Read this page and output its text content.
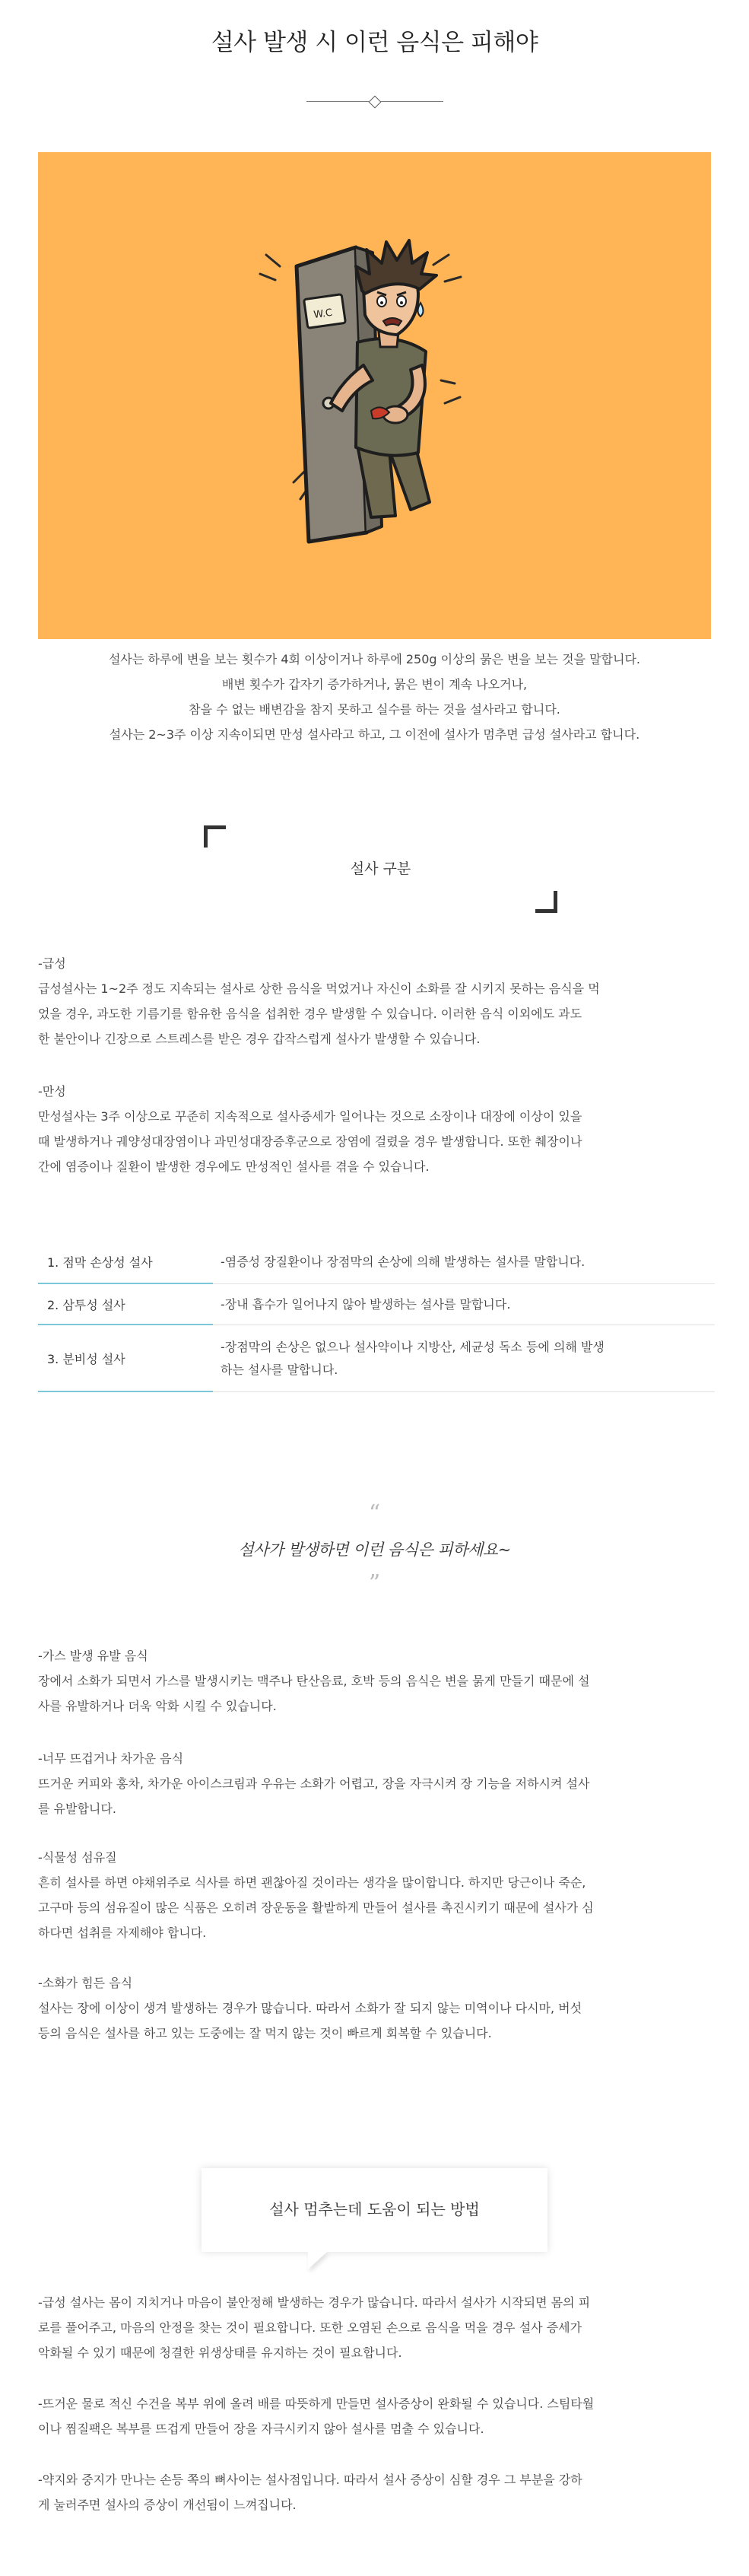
설사 발생 시 이런 음식은 피해야
W.C

설사는 하루에 변을 보는 횟수가 4회 이상이거나 하루에 250g 이상의 묽은 변을 보는 것을 말합니다.

배변 횟수가 갑자기 증가하거나, 묽은 변이 계속 나오거나,

참을 수 없는 배변감을 참지 못하고 실수를 하는 것을 설사라고 합니다.

설사는 2~3주 이상 지속이되면 만성 설사라고 하고, 그 이전에 설사가 멈추면 급성 설사라고 합니다.

설사 구분

-급성

급성설사는 1~2주 정도 지속되는 설사로 상한 음식을 먹었거나 자신이 소화를 잘 시키지 못하는 음식을 먹

었을 경우, 과도한 기름기를 함유한 음식을 섭취한 경우 발생할 수 있습니다. 이러한 음식 이외에도 과도

한 불안이나 긴장으로 스트레스를 받은 경우 갑작스럽게 설사가 발생할 수 있습니다.

-만성

만성설사는 3주 이상으로 꾸준히 지속적으로 설사증세가 일어나는 것으로 소장이나 대장에 이상이 있을

때 발생하거나 궤양성대장염이나 과민성대장증후군으로 장염에 걸렸을 경우 발생합니다. 또한 췌장이나

간에 염증이나 질환이 발생한 경우에도 만성적인 설사를 겪을 수 있습니다.

1. 점막 손상성 설사	-염증성 장질환이나 장점막의 손상에 의해 발생하는 설사를 말합니다.
2. 삼투성 설사	-장내 흡수가 일어나지 않아 발생하는 설사를 말합니다.
3. 분비성 설사
-장점막의 손상은 없으나 설사약이나 지방산, 세균성 독소 등에 의해 발생
하는 설사를 말합니다.
“
설사가 발생하면 이런 음식은 피하세요~
”

-가스 발생 유발 음식

장에서 소화가 되면서 가스를 발생시키는 맥주나 탄산음료, 호박 등의 음식은 변을 묽게 만들기 때문에 설

사를 유발하거나 더욱 악화 시킬 수 있습니다.

-너무 뜨겁거나 차가운 음식

뜨거운 커피와 홍차, 차가운 아이스크림과 우유는 소화가 어렵고, 장을 자극시켜 장 기능을 저하시켜 설사

를 유발합니다.

-식물성 섬유질

흔히 설사를 하면 야채위주로 식사를 하면 괜찮아질 것이라는 생각을 많이합니다. 하지만 당근이나 죽순,

고구마 등의 섬유질이 많은 식품은 오히려 장운동을 활발하게 만들어 설사를 촉진시키기 때문에 설사가 심

하다면 섭취를 자제해야 합니다.

-소화가 힘든 음식

설사는 장에 이상이 생겨 발생하는 경우가 많습니다. 따라서 소화가 잘 되지 않는 미역이나 다시마, 버섯

등의 음식은 설사를 하고 있는 도중에는 잘 먹지 않는 것이 빠르게 회복할 수 있습니다.

설사 멈추는데 도움이 되는 방법

-급성 설사는 몸이 지치거나 마음이 불안정해 발생하는 경우가 많습니다. 따라서 설사가 시작되면 몸의 피

로를 풀어주고, 마음의 안정을 찾는 것이 필요합니다. 또한 오염된 손으로 음식을 먹을 경우 설사 증세가

악화될 수 있기 때문에 청결한 위생상태를 유지하는 것이 필요합니다.

-뜨거운 물로 적신 수건을 복부 위에 올려 배를 따뜻하게 만들면 설사증상이 완화될 수 있습니다. 스팀타월

이나 찜질팩은 복부를 뜨겁게 만들어 장을 자극시키지 않아 설사를 멈출 수 있습니다.

-약지와 중지가 만나는 손등 쪽의 뼈사이는 설사점입니다. 따라서 설사 증상이 심할 경우 그 부분을 강하

게 눌러주면 설사의 증상이 개선됨이 느껴집니다.
